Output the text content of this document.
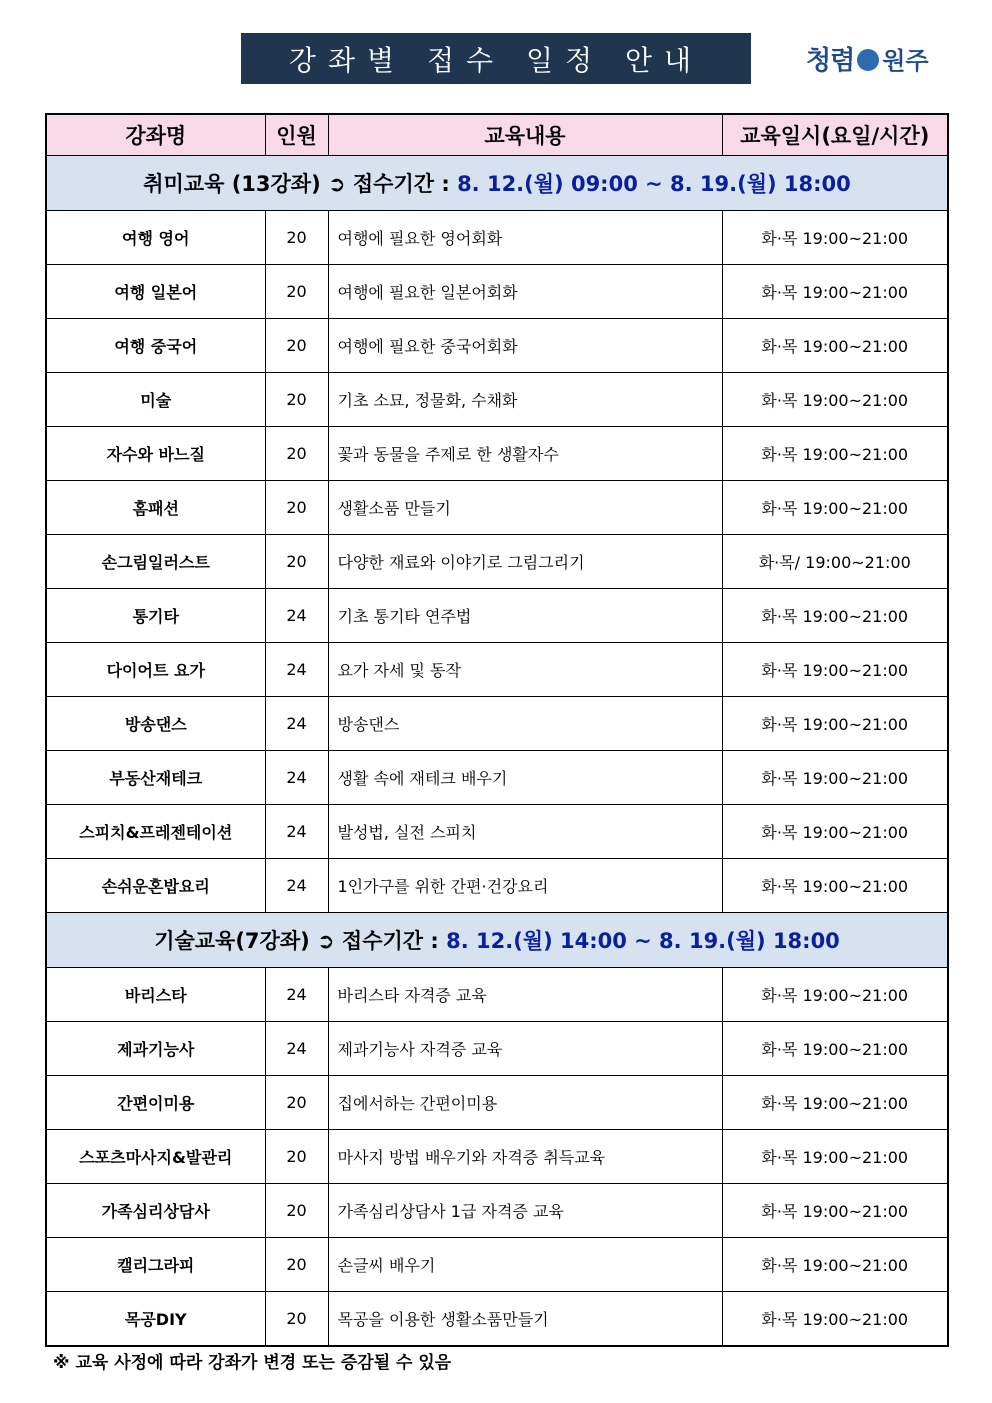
강좌별 접수 일정 안내	청렴 원주
강좌명	인원	교육내용	교육일시(요일/시간)
취미교육 (13강좌) ➲ 접수기간 : 8. 12.(월) 09:00 ~ 8. 19.(월) 18:00			
여행 영어	20	여행에 필요한 영어회화	화·목 19:00~21:00
여행 일본어	20	여행에 필요한 일본어회화	화·목 19:00~21:00
여행 중국어	20	여행에 필요한 중국어회화	화·목 19:00~21:00
미술	20	기초 소묘, 정물화, 수채화	화·목 19:00~21:00
자수와 바느질	20	꽃과 동물을 주제로 한 생활자수	화·목 19:00~21:00
홈패션	20	생활소품 만들기	화·목 19:00~21:00
손그림일러스트	20	다양한 재료와 이야기로 그림그리기	화·목/ 19:00~21:00
통기타	24	기초 통기타 연주법	화·목 19:00~21:00
다이어트 요가	24	요가 자세 및 동작	화·목 19:00~21:00
방송댄스	24	방송댄스	화·목 19:00~21:00
부동산재테크	24	생활 속에 재테크 배우기	화·목 19:00~21:00
스피치&프레젠테이션	24	발성법, 실전 스피치	화·목 19:00~21:00
손쉬운혼밥요리	24	1인가구를 위한 간편·건강요리	화·목 19:00~21:00
기술교육(7강좌) ➲ 접수기간 : 8. 12.(월) 14:00 ~ 8. 19.(월) 18:00			
바리스타	24	바리스타 자격증 교육	화·목 19:00~21:00
제과기능사	24	제과기능사 자격증 교육	화·목 19:00~21:00
간편이미용	20	집에서하는 간편이미용	화·목 19:00~21:00
스포츠마사지&발관리	20	마사지 방법 배우기와 자격증 취득교육	화·목 19:00~21:00
가족심리상담사	20	가족심리상담사 1급 자격증 교육	화·목 19:00~21:00
캘리그라피	20	손글씨 배우기	화·목 19:00~21:00
목공DIY	20	목공을 이용한 생활소품만들기	화·목 19:00~21:00
※ 교육 사정에 따라 강좌가 변경 또는 증감될 수 있음
